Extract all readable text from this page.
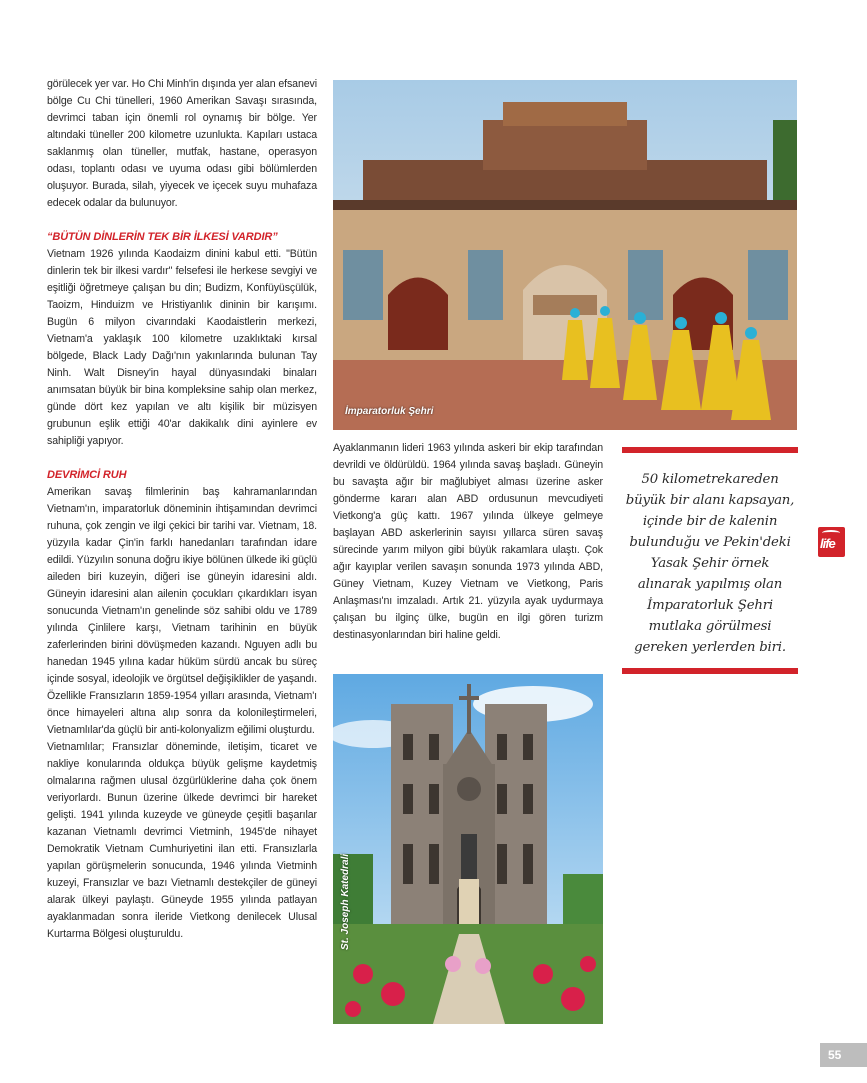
görülecek yer var. Ho Chi Minh'in dışında yer alan efsanevi bölge Cu Chi tünelleri, 1960 Amerikan Savaşı sırasında, devrimci taban için önemli rol oynamış bir bölge. Yer altındaki tüneller 200 kilometre uzunlukta. Kapıları ustaca saklanmış olan tüneller, mutfak, hastane, operasyon odası, toplantı odası ve uyuma odası gibi bölümlerden oluşuyor. Burada, silah, yiyecek ve içecek suyu muhafaza edecek odalar da bulunuyor.

“BÜTÜN DİNLERİN TEK BİR İLKESİ VARDIR”

Vietnam 1926 yılında Kaodaizm dinini kabul etti. "Bütün dinlerin tek bir ilkesi vardır" felsefesi ile herkese sevgiyi ve eşitliği öğretmeye çalışan bu din; Budizm, Konfüyüsçülük, Taoizm, Hinduizm ve Hristiyanlık dininin bir karışımı. Bugün 6 milyon civarındaki Kaodaistlerin merkezi, Vietnam'a yaklaşık 100 kilometre uzaklıktaki kırsal bölgede, Black Lady Dağı'nın yakınlarında bulunan Tay Ninh. Walt Disney'in hayal dünyasındaki binaları anımsatan büyük bir bina kompleksine sahip olan merkez, günde dört kez yapılan ve altı kişilik bir müzisyen grubunun eşlik ettiği 40'ar dakikalık dini ayinlere ev sahipliği yapıyor.

DEVRİMCİ RUH

Amerikan savaş filmlerinin baş kahramanlarından Vietnam'ın, imparatorluk döneminin ihtişamından devrimci ruhuna, çok zengin ve ilgi çekici bir tarihi var. Vietnam, 18. yüzyıla kadar Çin'in farklı hanedanları tarafından idare edildi. Yüzyılın sonuna doğru ikiye bölünen ülkede iki güçlü aileden biri kuzeyin, diğeri ise güneyin idaresini aldı. Güneyin idaresini alan ailenin çocukları çıkardıkları isyan sonucunda Vietnam'ın genelinde söz sahibi oldu ve 1789 yılında Çinlilere karşı, Vietnam tarihinin en büyük zaferlerinden birini dövüşmeden kazandı. Nguyen adlı bu hanedan 1945 yılına kadar hüküm sürdü ancak bu süreç içinde sosyal, ideolojik ve örgütsel değişiklikler de yaşandı. Özellikle Fransızların 1859-1954 yılları arasında, Vietnam'ı önce himayeleri altına alıp sonra da kolonileştirmeleri, Vietnamlılar'da güçlü bir anti-kolonyalizm eğilimi oluşturdu.

Vietnamlılar; Fransızlar döneminde, iletişim, ticaret ve nakliye konularında oldukça büyük gelişme kaydetmiş olmalarına rağmen ulusal özgürlüklerine daha çok önem veriyorlardı. Bunun üzerine ülkede devrimci bir hareket gelişti. 1941 yılında kuzeyde ve güneyde çeşitli başarılar kazanan Vietnamlı devrimci Vietminh, 1945'de nihayet Demokratik Vietnam Cumhuriyetini ilan etti. Fransızlarla yapılan görüşmelerin sonucunda, 1946 yılında Vietminh kuzeyi, Fransızlar ve bazı Vietnamlı destekçiler de güneyi alarak ülkeyi paylaştı. Güneyde 1955 yılında patlayan ayaklanmadan sonra ileride Vietkong denilecek Ulusal Kurtarma Bölgesi oluşturuldu.

İmparatorluk Şehri

Ayaklanmanın lideri 1963 yılında askeri bir ekip tarafından devrildi ve öldürüldü. 1964 yılında savaş başladı. Güneyin bu savaşta ağır bir mağlubiyet alması üzerine asker gönderme kararı alan ABD ordusunun mevcudiyeti Vietkong'a güç kattı. 1967 yılında ülkeye gelmeye başlayan ABD askerlerinin sayısı yıllarca süren savaş sürecinde yarım milyon gibi büyük rakamlara ulaştı. Çok ağır kayıplar verilen savaşın sonunda 1973 yılında ABD, Güney Vietnam, Kuzey Vietnam ve Vietkong, Paris Anlaşması'nı imzaladı. Artık 21. yüzyıla ayak uydurmaya çalışan bu ilginç ülke, bugün en ilgi gören turizm destinasyonlarından biri haline geldi.

St. Joseph Katedrali
50 kilometrekareden büyük bir alanı kapsayan, içinde bir de kalenin bulunduğu ve Pekin'deki Yasak Şehir örnek alınarak yapılmış olan İmparatorluk Şehri mutlaka görülmesi gereken yerlerden biri.
life
55
